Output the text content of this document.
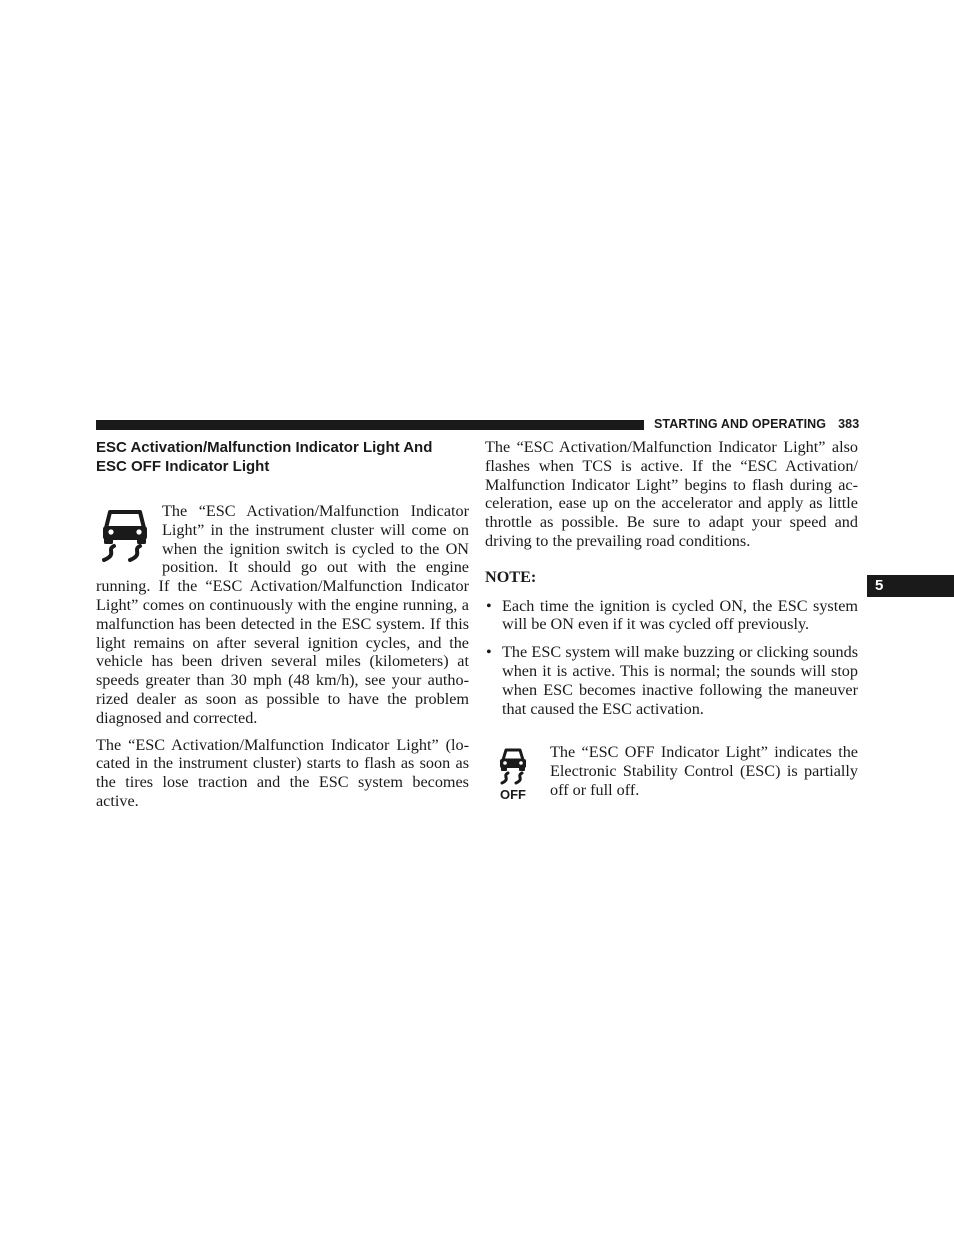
STARTING AND OPERATING 383
5
ESC Activation/Malfunction Indicator Light And
ESC OFF Indicator Light

The “ESC Activation/Malfunction Indicator Light” in the instrument cluster will come on when the ignition switch is cycled to the ON position. It should go out with the engine running. If the “ESC Activation/Malfunction Indicator Light” comes on continuously with the engine running, a malfunction has been detected in the ESC system. If this light remains on after several ignition cycles, and the vehicle has been driven several miles (kilometers) at speeds greater than 30 mph (48 km/h), see your authorized dealer as soon as possible to have the problem diagnosed and corrected.

The “ESC Activation/Malfunction Indicator Light” (located in the instrument cluster) starts to flash as soon as the tires lose traction and the ESC system becomes active.

The “ESC Activation/Malfunction Indicator Light” also flashes when TCS is active. If the “ESC Activation/ Malfunction Indicator Light” begins to flash during acceleration, ease up on the accelerator and apply as little throttle as possible. Be sure to adapt your speed and driving to the prevailing road conditions.

NOTE:
• Each time the ignition is cycled ON, the ESC system will be ON even if it was cycled off previously.
• The ESC system will make buzzing or clicking sounds when it is active. This is normal; the sounds will stop when ESC becomes inactive following the maneuver that caused the ESC activation.
OFF

The “ESC OFF Indicator Light” indicates the Electronic Stability Control (ESC) is partially off or full off.
